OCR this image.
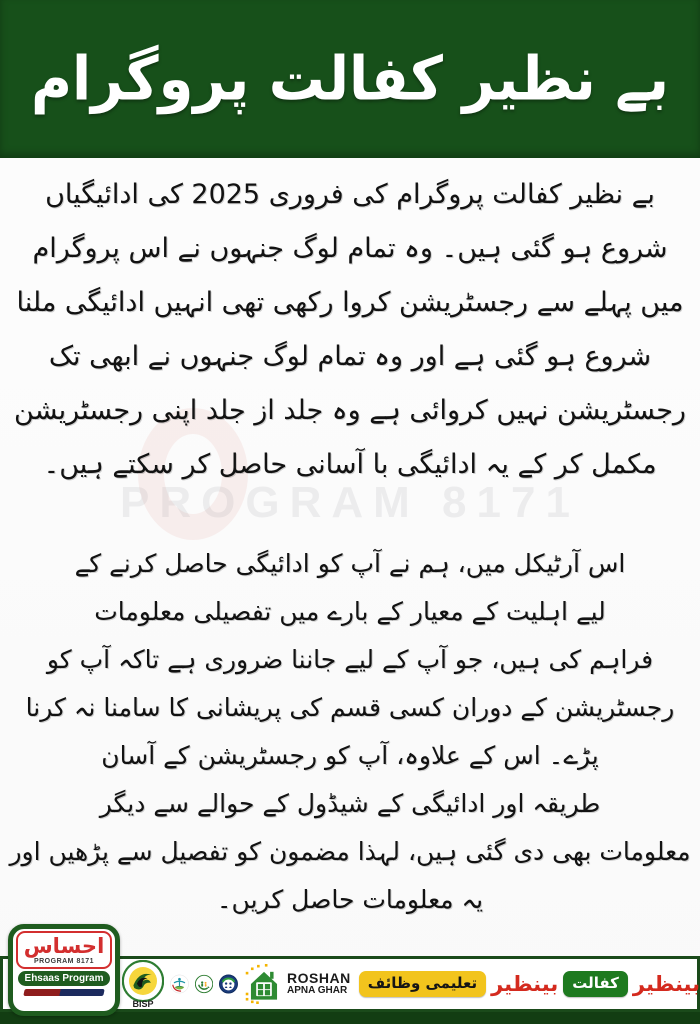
بے نظیر کفالت پروگرام
PROGRAM 8171
بے نظیر کفالت پروگرام کی فروری 2025 کی ادائیگیاں
شروع ہو گئی ہیں۔ وہ تمام لوگ جنہوں نے اس پروگرام
میں پہلے سے رجسٹریشن کروا رکھی تھی انہیں ادائیگی ملنا
شروع ہو گئی ہے اور وہ تمام لوگ جنہوں نے ابھی تک
رجسٹریشن نہیں کروائی ہے وہ جلد از جلد اپنی رجسٹریشن
مکمل کر کے یہ ادائیگی با آسانی حاصل کر سکتے ہیں۔
اس آرٹیکل میں، ہم نے آپ کو ادائیگی حاصل کرنے کے
لیے اہلیت کے معیار کے بارے میں تفصیلی معلومات
فراہم کی ہیں، جو آپ کے لیے جاننا ضروری ہے تاکہ آپ کو
رجسٹریشن کے دوران کسی قسم کی پریشانی کا سامنا نہ کرنا
پڑے۔ اس کے علاوہ، آپ کو رجسٹریشن کے آسان
طریقہ اور ادائیگی کے شیڈول کے حوالے سے دیگر
معلومات بھی دی گئی ہیں، لہذا مضمون کو تفصیل سے پڑھیں اور
یہ معلومات حاصل کریں۔
احساس
PROGRAM 8171
Ehsaas Program
BISP
ROSHAN
APNA GHAR	تعلیمی وظائف بینظیر کفالت بینظیر
